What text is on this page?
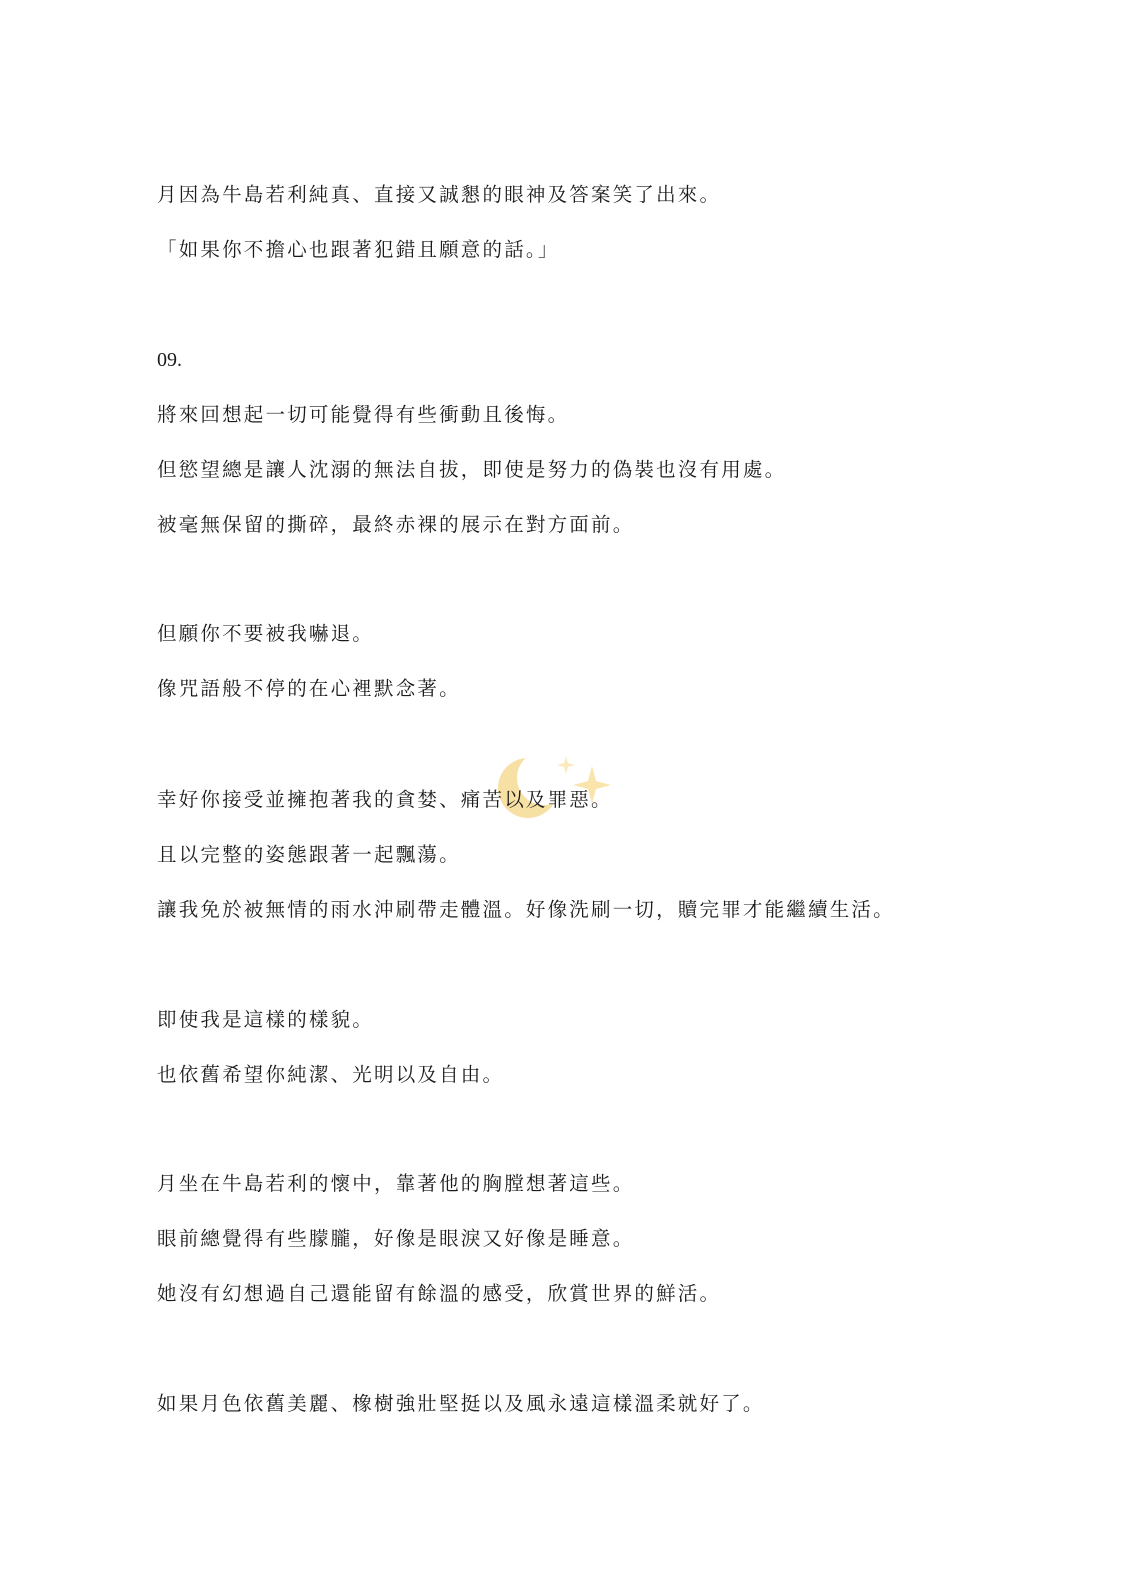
月因為牛島若利純真、直接又誠懇的眼神及答案笑了出來。
「如果你不擔心也跟著犯錯且願意的話。」
09.
將來回想起一切可能覺得有些衝動且後悔。
但慾望總是讓人沈溺的無法自拔，即使是努力的偽裝也沒有用處。
被毫無保留的撕碎，最終赤裸的展示在對方面前。
但願你不要被我嚇退。
像咒語般不停的在心裡默念著。
幸好你接受並擁抱著我的貪婪、痛苦以及罪惡。
且以完整的姿態跟著一起飄蕩。
讓我免於被無情的雨水沖刷帶走體溫。好像洗刷一切，贖完罪才能繼續生活。
即使我是這樣的樣貌。
也依舊希望你純潔、光明以及自由。
月坐在牛島若利的懷中，靠著他的胸膛想著這些。
眼前總覺得有些朦朧，好像是眼淚又好像是睡意。
她沒有幻想過自己還能留有餘溫的感受，欣賞世界的鮮活。
如果月色依舊美麗、橡樹強壯堅挺以及風永遠這樣溫柔就好了。
